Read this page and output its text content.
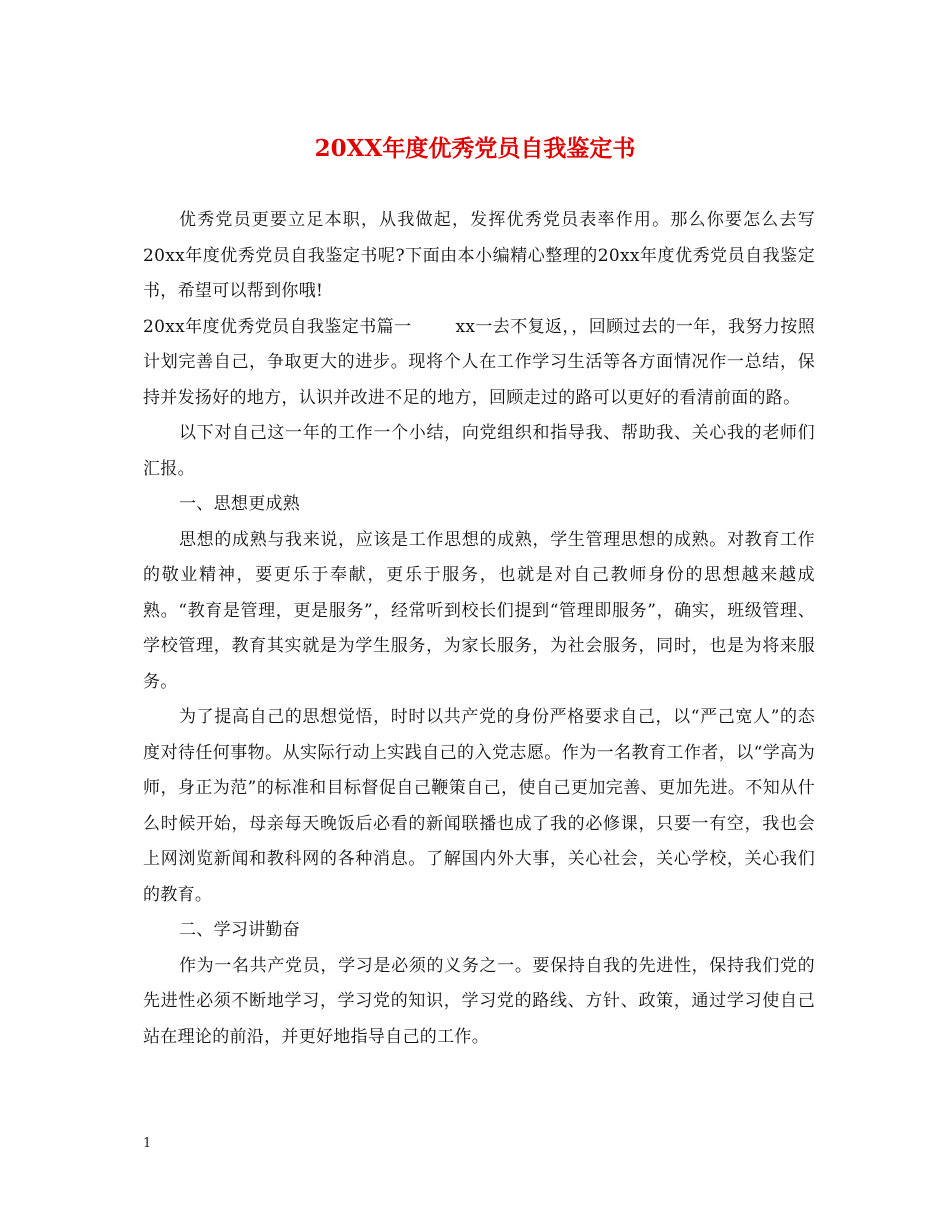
20XX年度优秀党员自我鉴定书

优秀党员更要立足本职，从我做起，发挥优秀党员表率作用。那么你要怎么去写20xx年度优秀党员自我鉴定书呢?下面由本小编精心整理的20xx年度优秀党员自我鉴定书，希望可以帮到你哦!

20xx年度优秀党员自我鉴定书篇一	xx一去不复返，，回顾过去的一年，我努力按照计划完善自己，争取更大的进步。现将个人在工作学习生活等各方面情况作一总结，保持并发扬好的地方，认识并改进不足的地方，回顾走过的路可以更好的看清前面的路。

以下对自己这一年的工作一个小结，向党组织和指导我、帮助我、关心我的老师们汇报。

一、思想更成熟

思想的成熟与我来说，应该是工作思想的成熟，学生管理思想的成熟。对教育工作的敬业精神，要更乐于奉献，更乐于服务，也就是对自己教师身份的思想越来越成熟。“教育是管理，更是服务”，经常听到校长们提到“管理即服务”，确实，班级管理、学校管理，教育其实就是为学生服务，为家长服务，为社会服务，同时，也是为将来服务。

为了提高自己的思想觉悟，时时以共产党的身份严格要求自己，以“严己宽人”的态度对待任何事物。从实际行动上实践自己的入党志愿。作为一名教育工作者，以“学高为师，身正为范”的标准和目标督促自己鞭策自己，使自己更加完善、更加先进。不知从什么时候开始，母亲每天晚饭后必看的新闻联播也成了我的必修课，只要一有空，我也会上网浏览新闻和教科网的各种消息。了解国内外大事，关心社会，关心学校，关心我们的教育。

二、学习讲勤奋

作为一名共产党员，学习是必须的义务之一。要保持自我的先进性，保持我们党的先进性必须不断地学习，学习党的知识，学习党的路线、方针、政策，通过学习使自己站在理论的前沿，并更好地指导自己的工作。

1
